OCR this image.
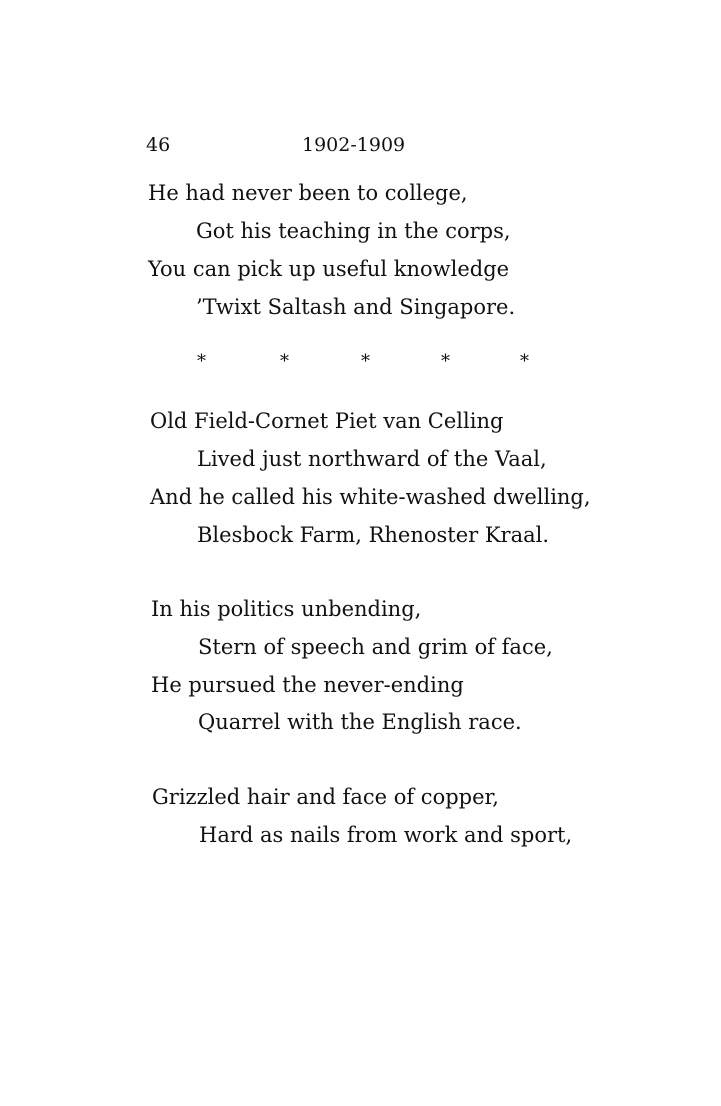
46	1902-1909
He had never been to college,
Got his teaching in the corps,
You can pick up useful knowledge
’Twixt Saltash and Singapore.
*	*	*	*	*
Old Field-Cornet Piet van Celling
Lived just northward of the Vaal,
And he called his white-washed dwelling,
Blesbock Farm, Rhenoster Kraal.
In his politics unbending,
Stern of speech and grim of face,
He pursued the never-ending
Quarrel with the English race.
Grizzled hair and face of copper,
Hard as nails from work and sport,
